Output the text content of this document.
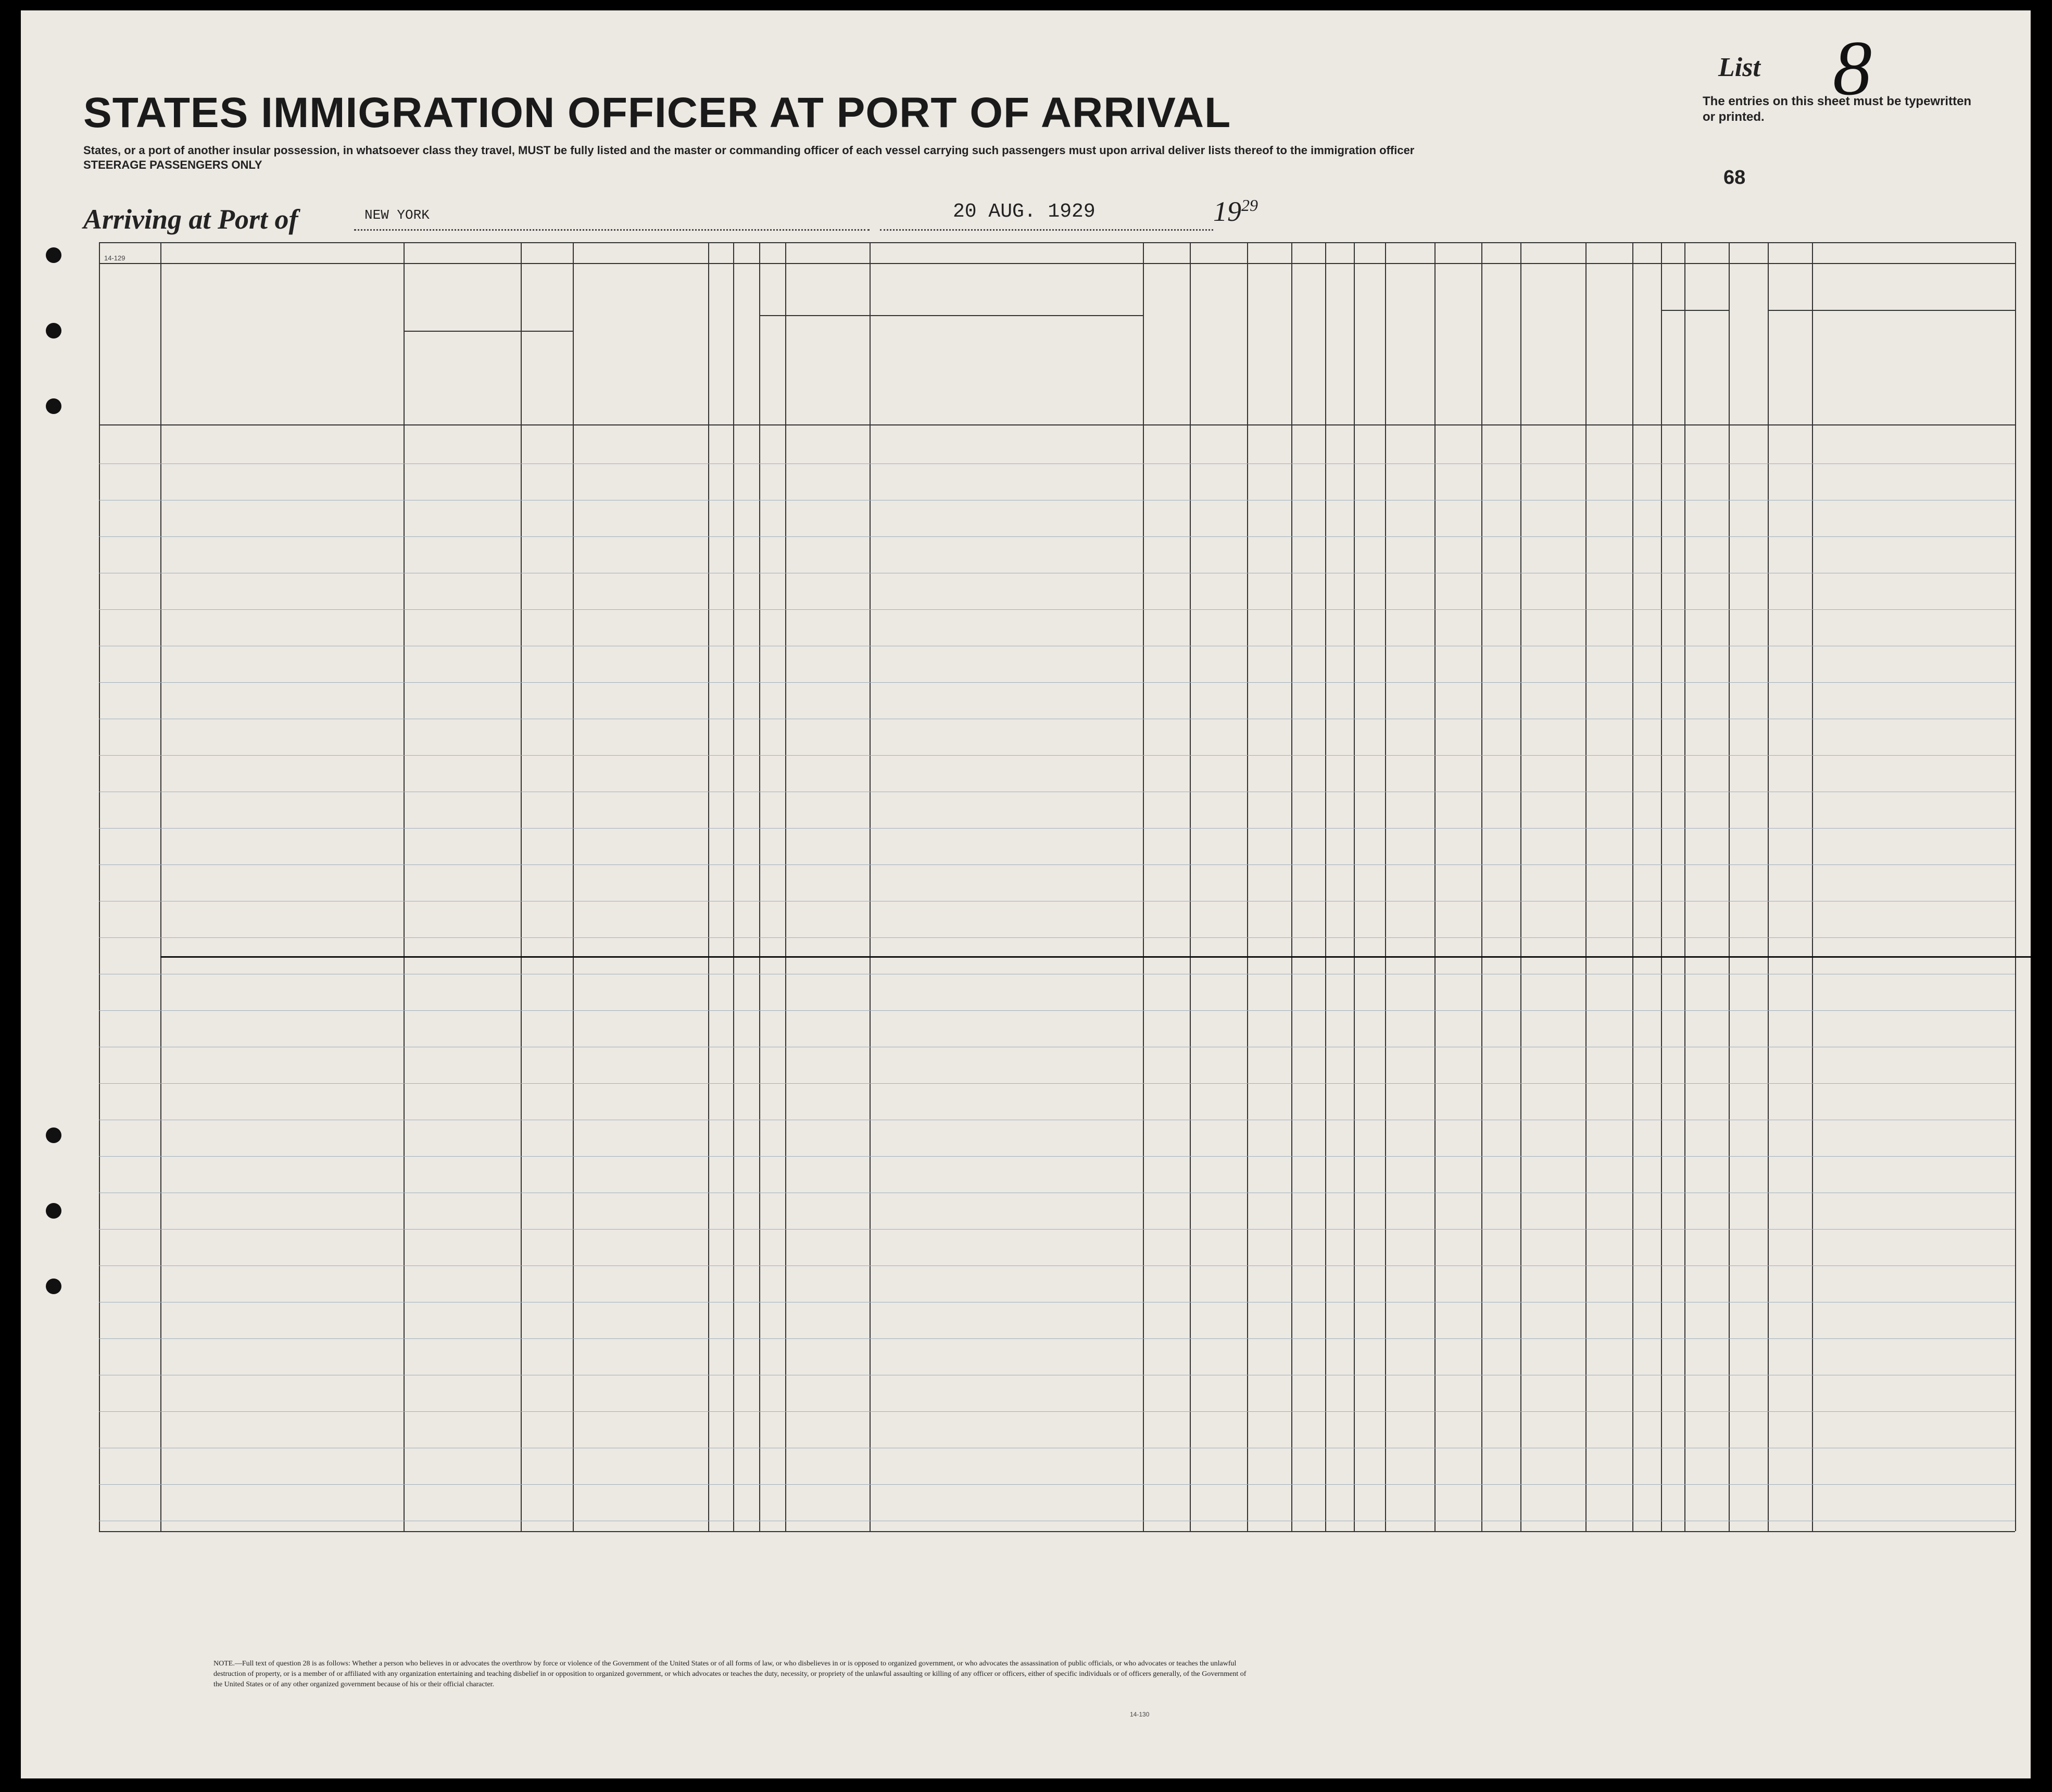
List 8
The entries on this sheet must be typewritten or printed.
68
STATES IMMIGRATION OFFICER AT PORT OF ARRIVAL
States, or a port of another insular possession, in whatsoever class they travel, MUST be fully listed and the master or commanding officer of each vessel carrying such passengers must upon arrival deliver lists thereof to the immigration officer
STEERAGE PASSENGERS ONLY
Arriving at Port of	NEW YORK	20 AUG. 1929	$19^{29}$
14-129
NOTE.—Full text of question 28 is as follows: Whether a person who believes in or advocates the overthrow by force or violence of the Government of the United States or of all forms of law, or who disbelieves in or is opposed to organized government, or who advocates the assassination of public officials, or who advocates or teaches the unlawful destruction of property, or is a member of or affiliated with any organization entertaining and teaching disbelief in or opposition to organized government, or which advocates or teaches the duty, necessity, or propriety of the unlawful assaulting or killing of any officer or officers, either of specific individuals or of officers generally, of the Government of the United States or of any other organized government because of his or their official character.
14-130
